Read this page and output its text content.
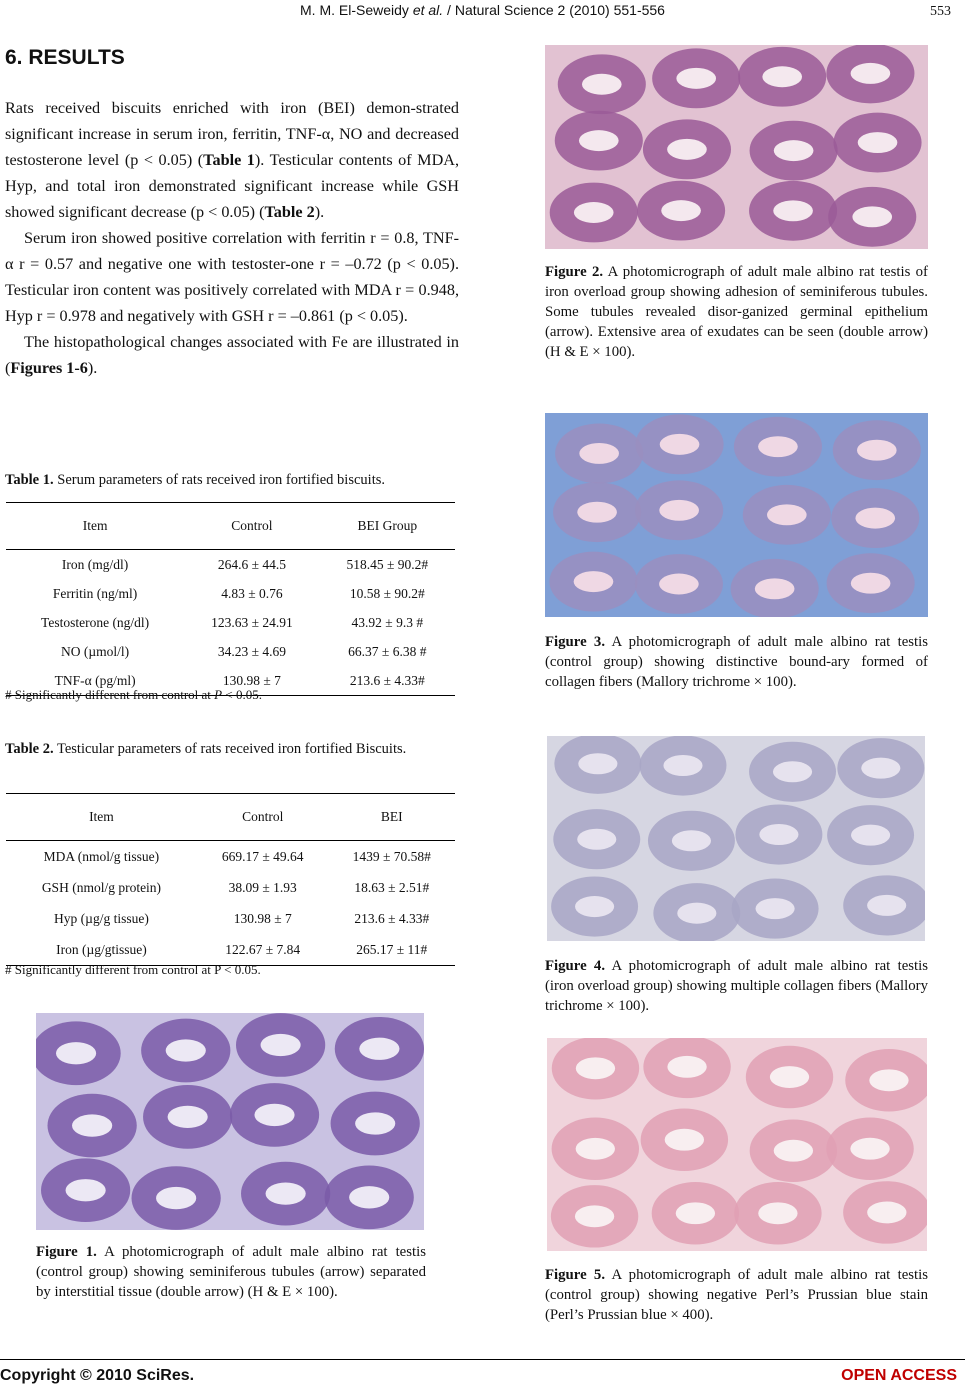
M. M. El-Seweidy et al. / Natural Science 2 (2010) 551-556	553
6. RESULTS

Rats received biscuits enriched with iron (BEI) demon-strated significant increase in serum iron, ferritin, TNF-α, NO and decreased testosterone level (p < 0.05) (Table 1). Testicular contents of MDA, Hyp, and total iron demonstrated significant increase while GSH showed significant decrease (p < 0.05) (Table 2).

Serum iron showed positive correlation with ferritin r = 0.8, TNF-α r = 0.57 and negative one with testoster-one r = –0.72 (p < 0.05). Testicular iron content was positively correlated with MDA r = 0.948, Hyp r = 0.978 and negatively with GSH r = –0.861 (p < 0.05).

The histopathological changes associated with Fe are illustrated in (Figures 1-6).

Table 1. Serum parameters of rats received iron fortified biscuits.
Item	Control	BEI Group
Iron (mg/dl)	264.6 ± 44.5	518.45 ± 90.2#
Ferritin (ng/ml)	4.83 ± 0.76	10.58 ± 90.2#
Testosterone (ng/dl)	123.63 ± 24.91	43.92 ± 9.3 #
NO (µmol/l)	34.23 ± 4.69	66.37 ± 6.38 #
TNF-α (pg/ml)	130.98 ± 7	213.6 ± 4.33#
# Significantly different from control at P < 0.05.
Table 2. Testicular parameters of rats received iron fortified Biscuits.
Item	Control	BEI
MDA (nmol/g tissue)	669.17 ± 49.64	1439 ± 70.58#
GSH (nmol/g protein)	38.09 ± 1.93	18.63 ± 2.51#
Hyp (µg/g tissue)	130.98 ± 7	213.6 ± 4.33#
Iron (µg/gtissue)	122.67 ± 7.84	265.17 ± 11#
# Significantly different from control at P < 0.05.
Figure 1. A photomicrograph of adult male albino rat testis (control group) showing seminiferous tubules (arrow) separated by interstitial tissue (double arrow) (H & E × 100).
Figure 2. A photomicrograph of adult male albino rat testis of iron overload group showing adhesion of seminiferous tubules. Some tubules revealed disor-ganized germinal epithelium (arrow). Extensive area of exudates can be seen (double arrow) (H & E × 100).
Figure 3. A photomicrograph of adult male albino rat testis (control group) showing distinctive bound-ary formed of collagen fibers (Mallory trichrome × 100).
Figure 4. A photomicrograph of adult male albino rat testis (iron overload group) showing multiple collagen fibers (Mallory trichrome × 100).
Figure 5. A photomicrograph of adult male albino rat testis (control group) showing negative Perl’s Prussian blue stain (Perl’s Prussian blue × 400).
Copyright © 2010 SciRes.	OPEN ACCESS
